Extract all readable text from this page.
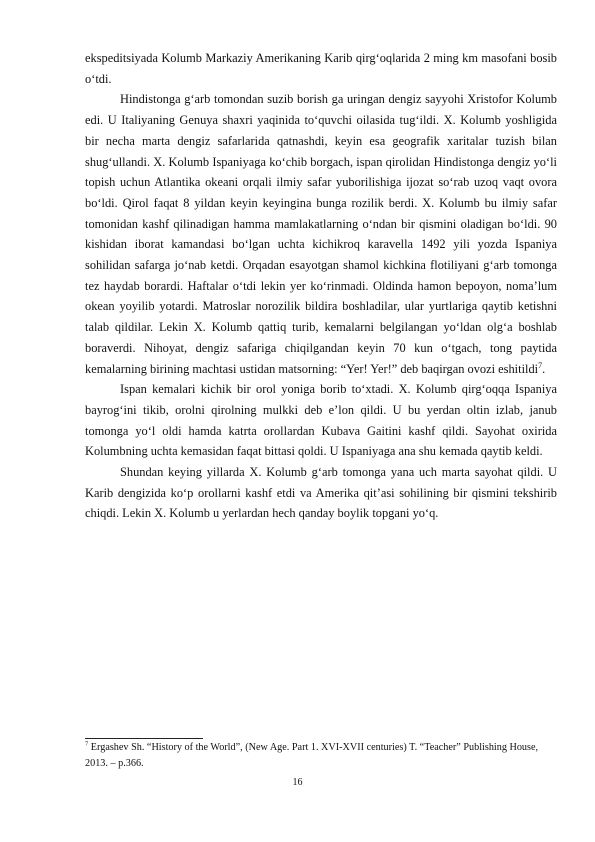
ekspeditsiyada Kolumb Markaziy Amerikaning Karib qirg‘oqlarida 2 ming km masofani bosib o‘tdi.

Hindistonga g‘arb tomondan suzib borish ga uringan dengiz sayyohi Xristofor Kolumb edi. U Italiyaning Genuya shaxri yaqinida to‘quvchi oilasida tug‘ildi. X. Kolumb yoshligida bir necha marta dengiz safarlarida qatnashdi, keyin esa geografik xaritalar tuzish bilan shug‘ullandi. X. Kolumb Ispaniyaga ko‘chib borgach, ispan qirolidan Hindistonga dengiz yo‘li topish uchun Atlantika okeani orqali ilmiy safar yuborilishiga ijozat so‘rab uzoq vaqt ovora bo‘ldi. Qirol faqat 8 yildan keyin keyingina bunga rozilik berdi. X. Kolumb bu ilmiy safar tomonidan kashf qilinadigan hamma mamlakatlarning o‘ndan bir qismini oladigan bo‘ldi. 90 kishidan iborat kamandasi bo‘lgan uchta kichikroq karavella 1492 yili yozda Ispaniya sohilidan safarga jo‘nab ketdi. Orqadan esayotgan shamol kichkina flotiliyani g‘arb tomonga tez haydab borardi. Haftalar o‘tdi lekin yer ko‘rinmadi. Oldinda hamon bepoyon, noma’lum okean yoyilib yotardi. Matroslar norozilik bildira boshladilar, ular yurtlariga qaytib ketishni talab qildilar. Lekin X. Kolumb qattiq turib, kemalarni belgilangan yo‘ldan olg‘a boshlab boraverdi. Nihoyat, dengiz safariga chiqilgandan keyin 70 kun o‘tgach, tong paytida kemalarning birining machtasi ustidan matsorning: “Yer! Yer!” deb baqirgan ovozi eshitildi$^7$.

Ispan kemalari kichik bir orol yoniga borib to‘xtadi. X. Kolumb qirg‘oqqa Ispaniya bayrog‘ini tikib, orolni qirolning mulkki deb e’lon qildi. U bu yerdan oltin izlab, janub tomonga yo‘l oldi hamda katrta orollardan Kubava Gaitini kashf qildi. Sayohat oxirida Kolumbning uchta kemasidan faqat bittasi qoldi. U Ispaniyaga ana shu kemada qaytib keldi.

Shundan keying yillarda X. Kolumb g‘arb tomonga yana uch marta sayohat qildi. U Karib dengizida ko‘p orollarni kashf etdi va Amerika qit’asi sohilining bir qismini tekshirib chiqdi. Lekin X. Kolumb u yerlardan hech qanday boylik topgani yo‘q.

$^7$ Ergashev Sh. “History of the World”, (New Age. Part 1. XVI-XVII centuries) T. “Teacher” Publishing House, 2013. – p.366.
16
